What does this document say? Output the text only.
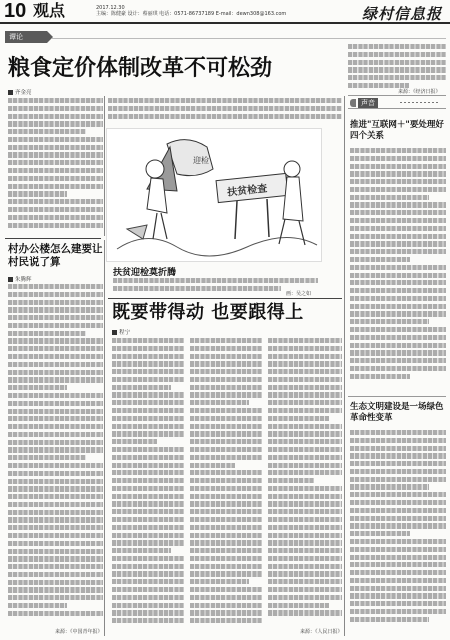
10 观点	2017.12.30
主编：陈健豪 设计：蔡丽琪 电话：0571-86737189 E-mail：dewn308@163.com	绿村信息报
谭论
粮食定价体制改革不可松劲
齐金亮
扶贫检查
迎检
扶贫迎检莫折腾
画：吴之如
村办公楼怎么建要让村民说了算
朱腾辉
来源：《中国青年报》
既要带得动 也要跟得上
程宁
来源：《人民日报》
来源：《经济日报》
声音
推进"互联网＋"要处理好四个关系
生态文明建设是一场绿色革命性变革
